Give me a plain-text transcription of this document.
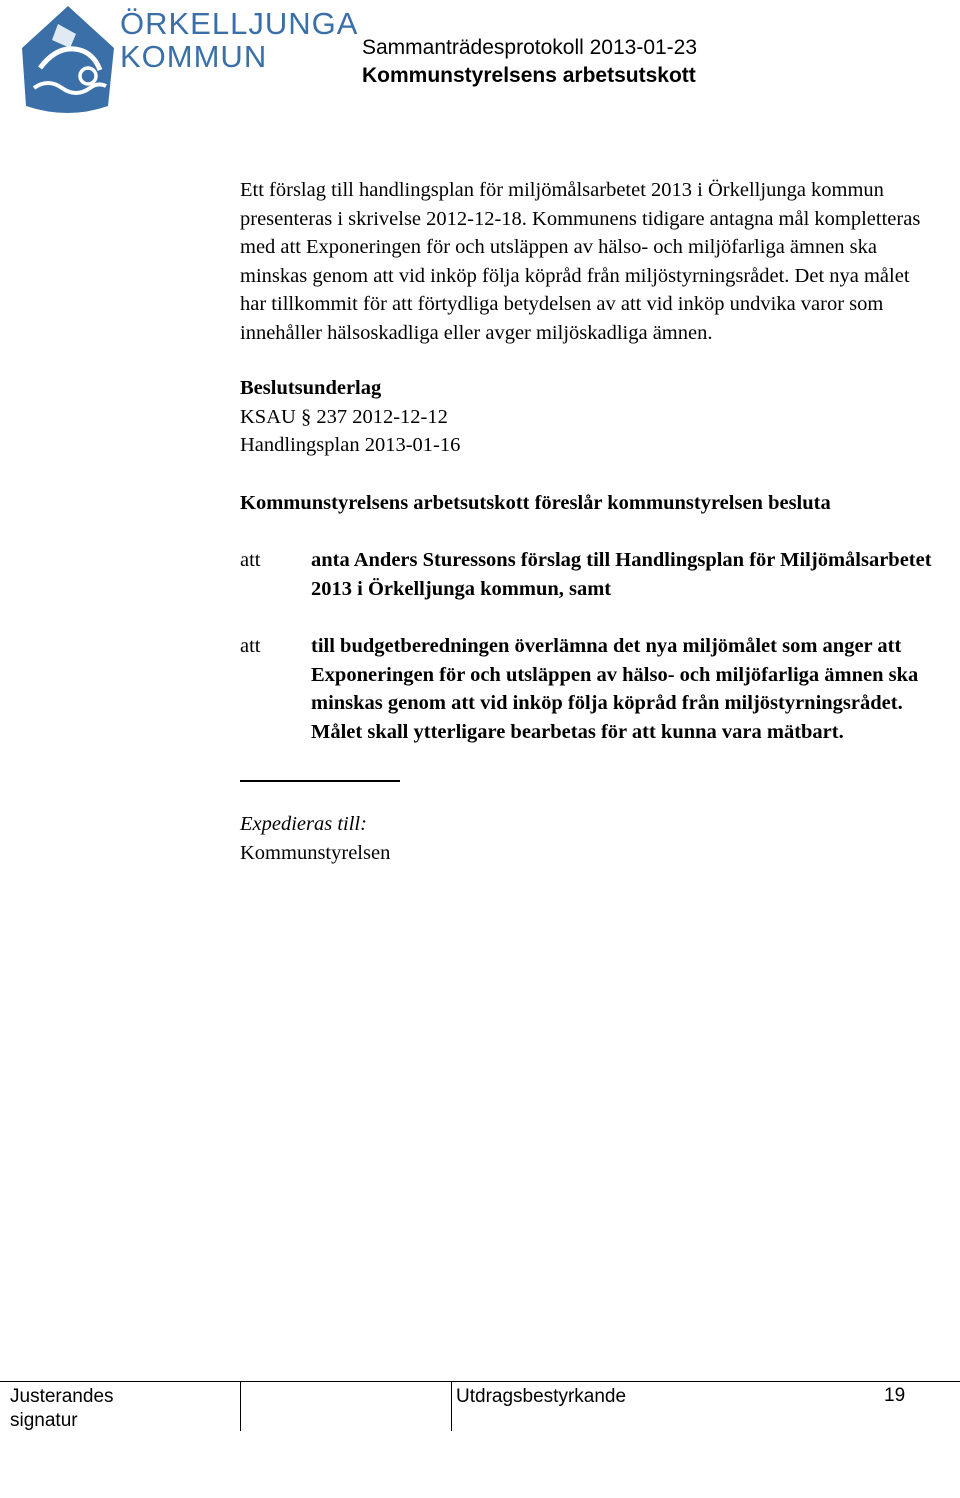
ÖRKELLJUNGA
KOMMUN	Sammanträdesprotokoll 2013-01-23
Kommunstyrelsens arbetsutskott

Ett förslag till handlingsplan för miljömålsarbetet 2013 i Örkelljunga kommun presenteras i skrivelse 2012-12-18. Kommunens tidigare antagna mål kompletteras med att Exponeringen för och utsläppen av hälso- och miljöfarliga ämnen ska minskas genom att vid inköp följa köpråd från miljöstyrningsrådet. Det nya målet har tillkommit för att förtydliga betydelsen av att vid inköp undvika varor som innehåller hälsoskadliga eller avger miljöskadliga ämnen.

Beslutsunderlag
KSAU § 237 2012-12-12
Handlingsplan 2013-01-16

Kommunstyrelsens arbetsutskott föreslår kommunstyrelsen besluta

att	anta Anders Sturessons förslag till Handlingsplan för Miljömålsarbetet 2013 i Örkelljunga kommun, samt
att	till budgetberedningen överlämna det nya miljömålet som anger att Exponeringen för och utsläppen av hälso- och miljöfarliga ämnen ska minskas genom att vid inköp följa köpråd från miljöstyrningsrådet. Målet skall ytterligare bearbetas för att kunna vara mätbart.
Expedieras till:
Kommunstyrelsen
Justerandes
signatur
Utdragsbestyrkande	19
